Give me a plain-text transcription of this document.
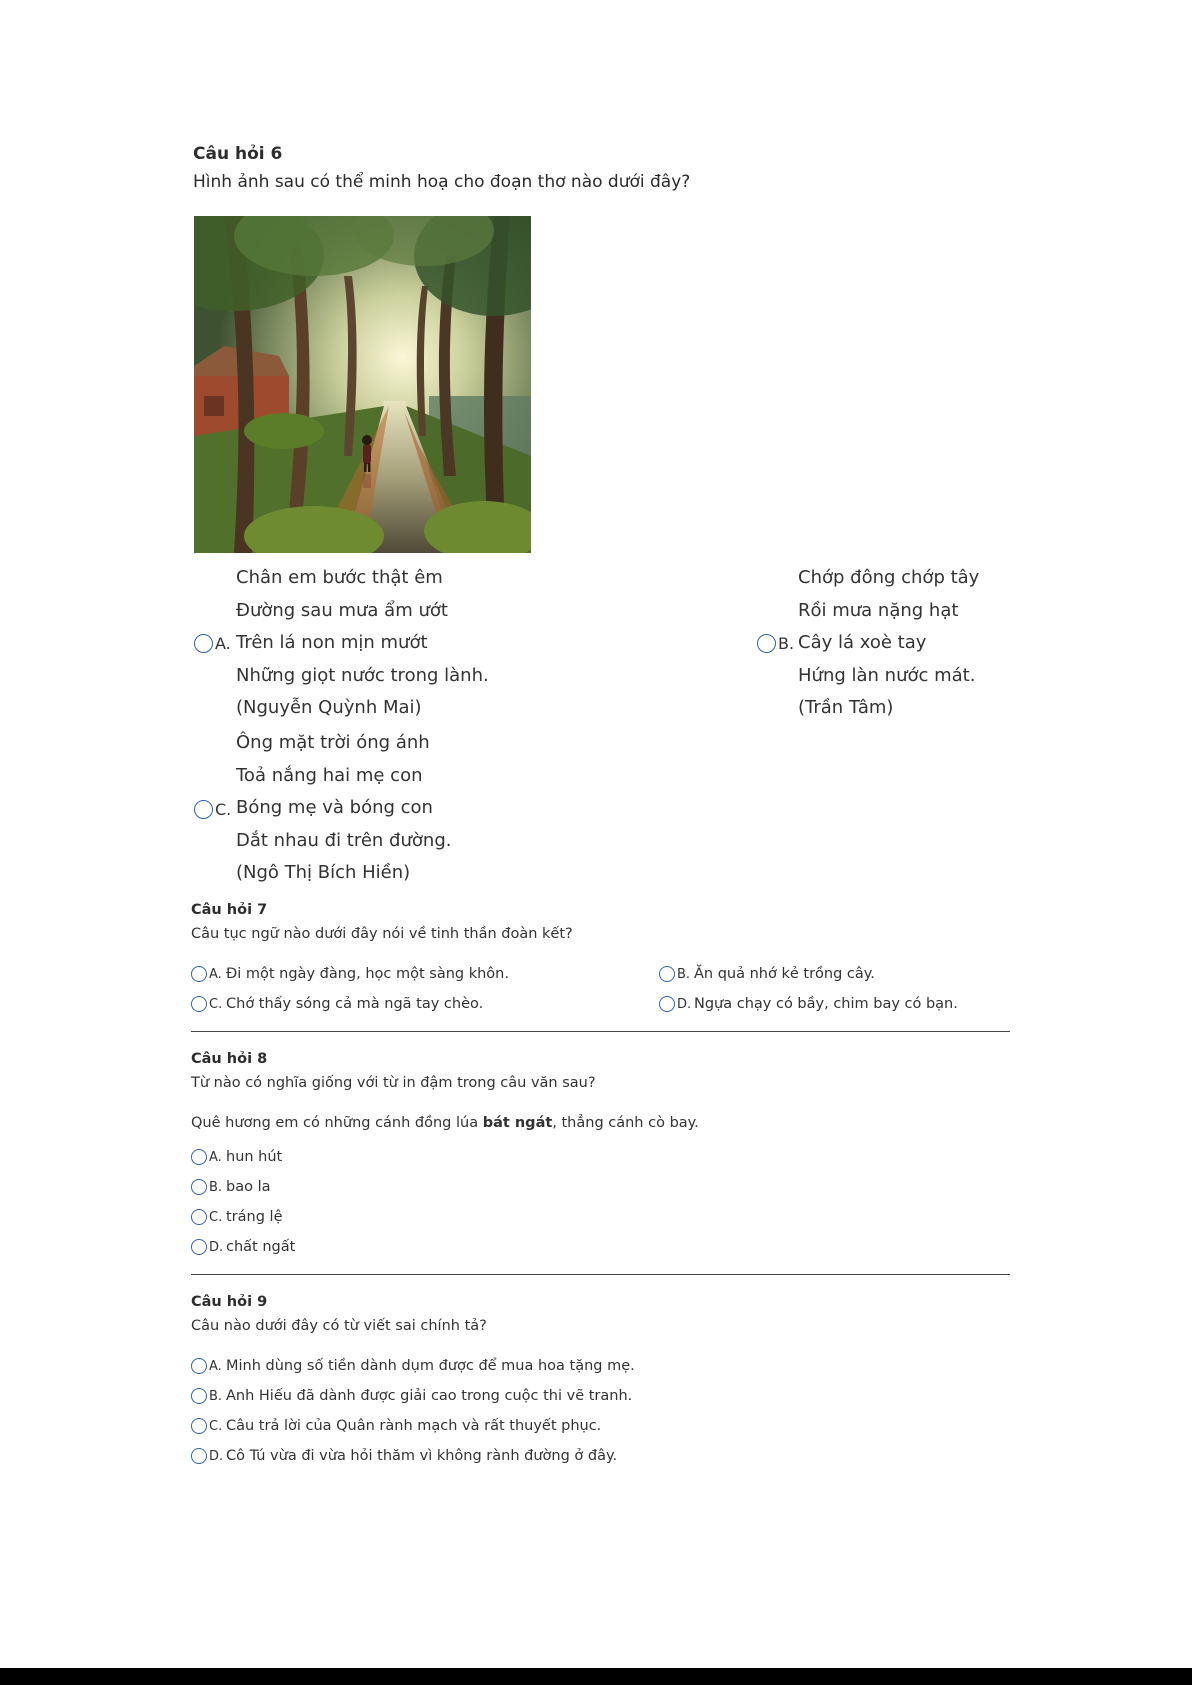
Câu hỏi 6
Hình ảnh sau có thể minh hoạ cho đoạn thơ nào dưới đây?
Chân em bước thật êm
Đường sau mưa ẩm ướt
A. Trên lá non mịn mướt
Những giọt nước trong lành.
(Nguyễn Quỳnh Mai)
Chớp đông chớp tây
Rồi mưa nặng hạt
B. Cây lá xoè tay
Hứng làn nước mát.
(Trần Tâm)
Ông mặt trời óng ánh
Toả nắng hai mẹ con
C. Bóng mẹ và bóng con
Dắt nhau đi trên đường.
(Ngô Thị Bích Hiền)
Câu hỏi 7
Câu tục ngữ nào dưới đây nói về tinh thần đoàn kết?
A. Đi một ngày đàng, học một sàng khôn.	B. Ăn quả nhớ kẻ trồng cây.
C. Chớ thấy sóng cả mà ngã tay chèo.	D. Ngựa chạy có bầy, chim bay có bạn.
Câu hỏi 8
Từ nào có nghĩa giống với từ in đậm trong câu văn sau?
Quê hương em có những cánh đồng lúa bát ngát, thẳng cánh cò bay.
A. hun hút
B. bao la
C. tráng lệ
D. chất ngất
Câu hỏi 9
Câu nào dưới đây có từ viết sai chính tả?
A. Minh dùng số tiền dành dụm được để mua hoa tặng mẹ.
B. Anh Hiếu đã dành được giải cao trong cuộc thi vẽ tranh.
C. Câu trả lời của Quân rành mạch và rất thuyết phục.
D. Cô Tú vừa đi vừa hỏi thăm vì không rành đường ở đây.
